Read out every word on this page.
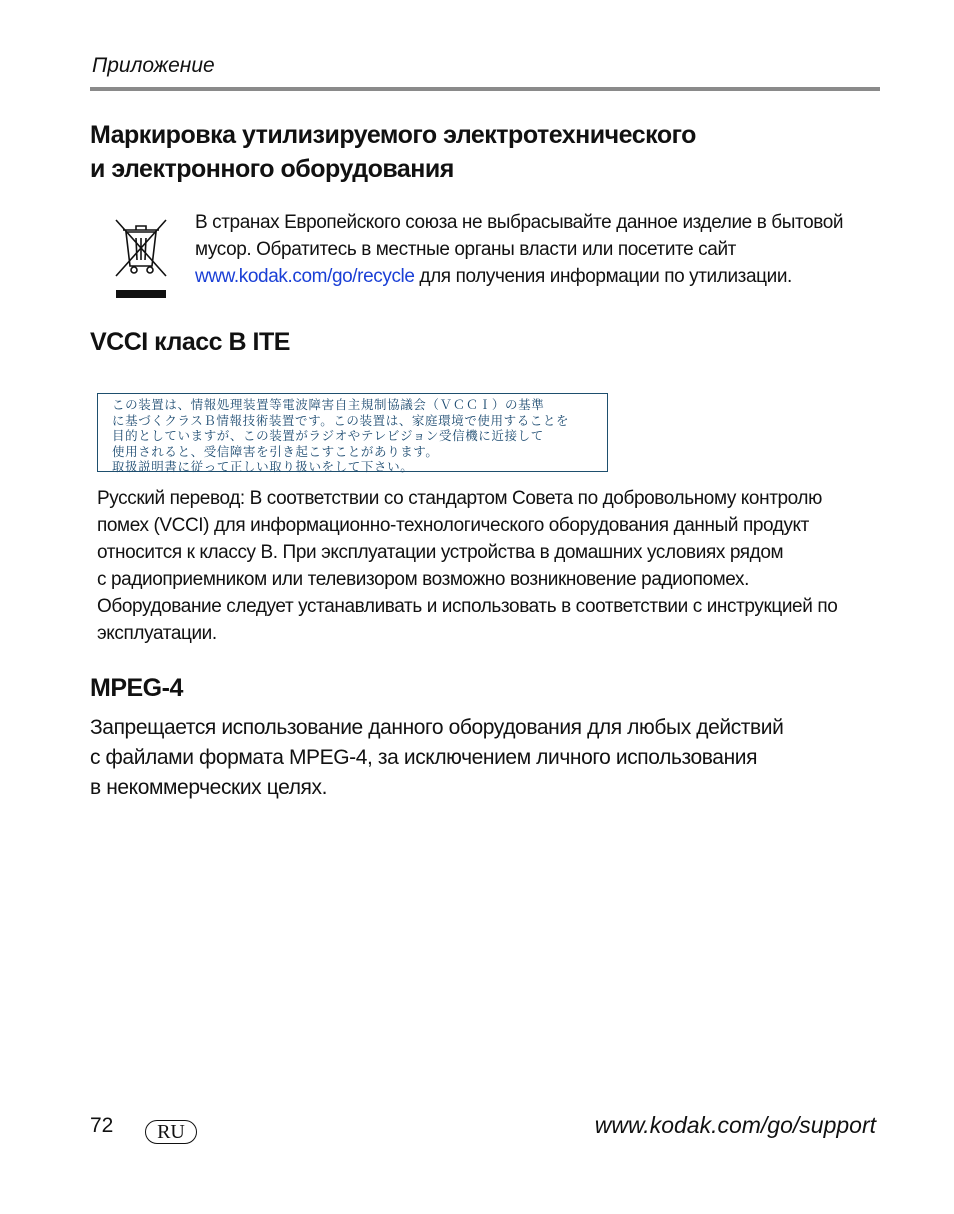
Приложение
Маркировка утилизируемого электротехнического
и электронного оборудования
В странах Европейского союза не выбрасывайте данное изделие в бытовой
мусор. Обратитесь в местные органы власти или посетите сайт
www.kodak.com/go/recycle для получения информации по утилизации.
VCCI класс B ITE
この装置は、情報処理装置等電波障害自主規制協議会（ＶＣＣＩ）の基準
に基づくクラスＢ情報技術装置です。この装置は、家庭環境で使用することを
目的としていますが、この装置がラジオやテレビジョン受信機に近接して
使用されると、受信障害を引き起こすことがあります。
取扱説明書に従って正しい取り扱いをして下さい。
Русский перевод: В соответствии со стандартом Совета по добровольному контролю
помех (VCCI) для информационно-технологического оборудования данный продукт
относится к классу B. При эксплуатации устройства в домашних условиях рядом
с радиоприемником или телевизором возможно возникновение радиопомех.
Оборудование следует устанавливать и использовать в соответствии с инструкцией по
эксплуатации.
MPEG-4
Запрещается использование данного оборудования для любых действий
с файлами формата MPEG-4, за исключением личного использования
в некоммерческих целях.
72	RU	www.kodak.com/go/support
